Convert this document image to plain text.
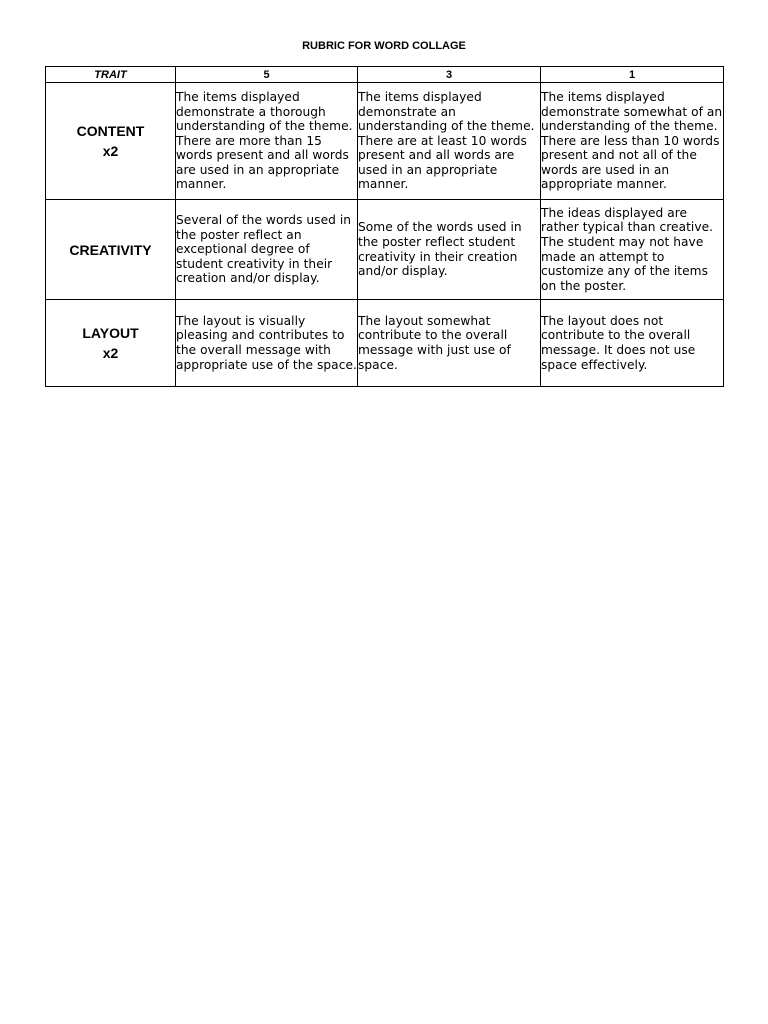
RUBRIC FOR WORD COLLAGE
TRAIT	5	3	1

CONTENT
x2	The items displayed demonstrate a thorough understanding of the theme. There are more than 15 words present and all words are used in an appropriate manner.	The items displayed demonstrate an understanding of the theme. There are at least 10 words present and all words are used in an appropriate manner.	The items displayed demonstrate somewhat of an understanding of the theme. There are less than 10 words present and not all of the words are used in an appropriate manner.

CREATIVITY	Several of the words used in the poster reflect an exceptional degree of student creativity in their creation and/or display.	Some of the words used in the poster reflect student creativity in their creation and/or display.	The ideas displayed are rather typical than creative. The student may not have made an attempt to customize any of the items on the poster.

LAYOUT
x2	The layout is visually pleasing and contributes to the overall message with appropriate use of the space.	The layout somewhat contribute to the overall message with just use of space.	The layout does not contribute to the overall message. It does not use space effectively.
